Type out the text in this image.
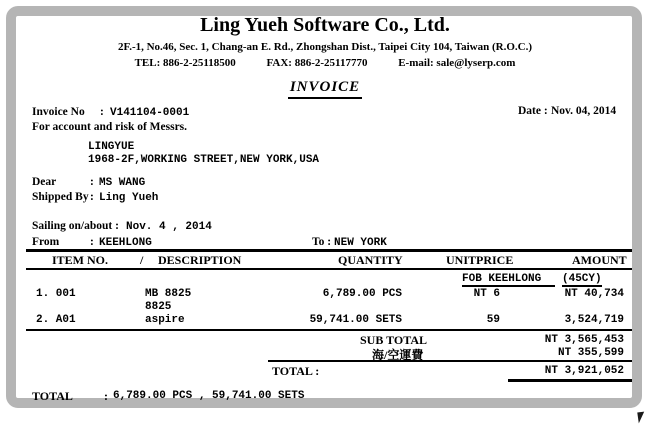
Ling Yueh Software Co., Ltd.
2F.-1, No.46, Sec. 1, Chang-an E. Rd., Zhongshan Dist., Taipei City 104, Taiwan (R.O.C.)
TEL: 886-2-25118500	FAX: 886-2-25117770	E-mail: sale@lyserp.com
INVOICE
Invoice No : V141104-0001	Date : Nov. 04, 2014
For account and risk of Messrs.
LINGYUE
1968-2F,WORKING STREET,NEW YORK,USA
Dear	: MS WANG
Shipped By : Ling Yueh
Sailing on/about : Nov. 4 , 2014
From	: KEEHLONG	To : NEW YORK
ITEM NO.	/ DESCRIPTION	QUANTITY	UNITPRICE	AMOUNT
FOB KEEHLONG	(45CY)
1. 001	MB 8825	6,789.00 PCS	NT 6	NT 40,734
8825
2. A01	aspire	59,741.00 SETS	59	3,524,719
SUB TOTAL	NT 3,565,453
海/空運費	NT 355,599
TOTAL :	NT 3,921,052
TOTAL	: 6,789.00 PCS , 59,741.00 SETS
